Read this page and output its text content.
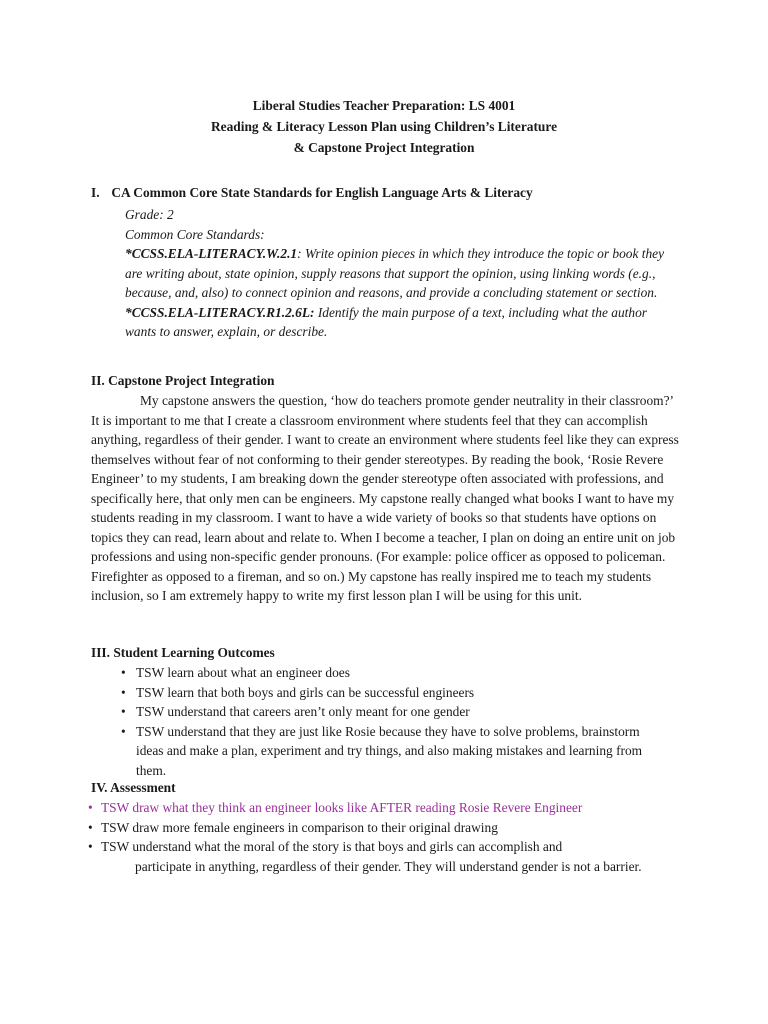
Liberal Studies Teacher Preparation: LS 4001
Reading & Literacy Lesson Plan using Children’s Literature
& Capstone Project Integration
I. CA Common Core State Standards for English Language Arts & Literacy

Grade: 2

Common Core Standards:

*CCSS.ELA-LITERACY.W.2.1: Write opinion pieces in which they introduce the topic or book they are writing about, state opinion, supply reasons that support the opinion, using linking words (e.g., because, and, also) to connect opinion and reasons, and provide a concluding statement or section.

*CCSS.ELA-LITERACY.R1.2.6L: Identify the main purpose of a text, including what the author wants to answer, explain, or describe.

II. Capstone Project Integration
My capstone answers the question, ‘how do teachers promote gender neutrality in their classroom?’ It is important to me that I create a classroom environment where students feel that they can accomplish anything, regardless of their gender. I want to create an environment where students feel like they can express themselves without fear of not conforming to their gender stereotypes. By reading the book, ‘Rosie Revere Engineer’ to my students, I am breaking down the gender stereotype often associated with professions, and specifically here, that only men can be engineers. My capstone really changed what books I want to have my students reading in my classroom. I want to have a wide variety of books so that students have options on topics they can read, learn about and relate to. When I become a teacher, I plan on doing an entire unit on job professions and using non-specific gender pronouns. (For example: police officer as opposed to policeman. Firefighter as opposed to a fireman, and so on.) My capstone has really inspired me to teach my students inclusion, so I am extremely happy to write my first lesson plan I will be using for this unit.
III. Student Learning Outcomes
• TSW learn about what an engineer does
• TSW learn that both boys and girls can be successful engineers
• TSW understand that careers aren’t only meant for one gender
• TSW understand that they are just like Rosie because they have to solve problems, brainstorm ideas and make a plan, experiment and try things, and also making mistakes and learning from them.
IV. Assessment
• TSW draw what they think an engineer looks like AFTER reading Rosie Revere Engineer
• TSW draw more female engineers in comparison to their original drawing
• TSW understand what the moral of the story is that boys and girls can accomplish and
participate in anything, regardless of their gender. They will understand gender is not a barrier.
